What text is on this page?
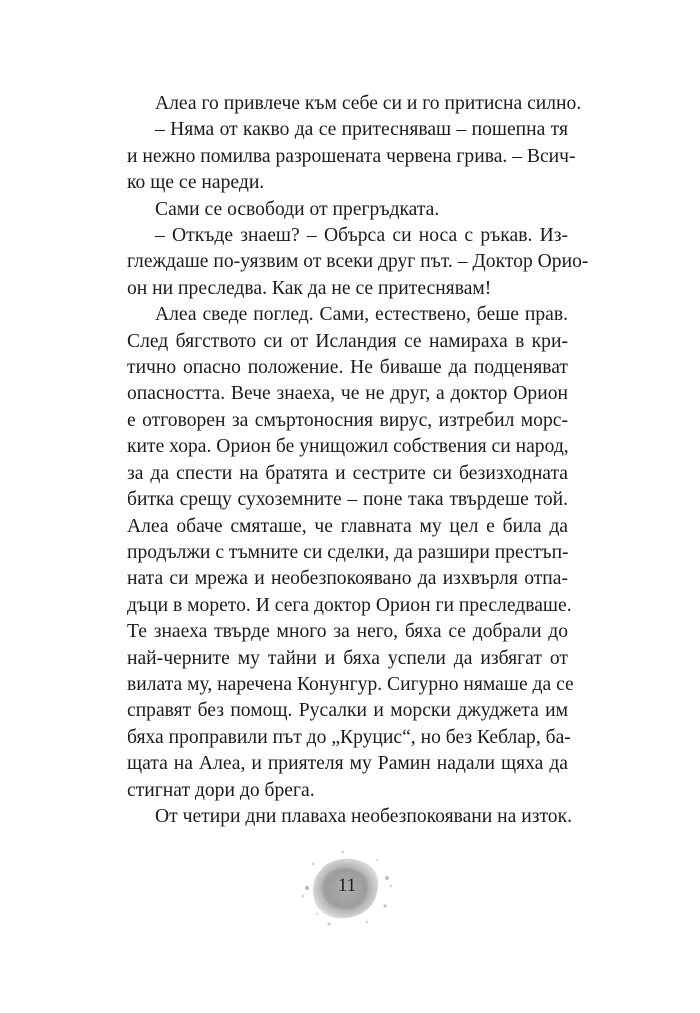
Алеа го привлече към себе си и го притисна силно.

– Няма от какво да се притесняваш – пошепна тя
и нежно помилва разрошената червена грива. – Всич-
ко ще се нареди.

Сами се освободи от прегръдката.

– Откъде знаеш? – Обърса си носа с ръкав. Из-
глеждаше по-уязвим от всеки друг път. – Доктор Орио-
он ни преследва. Как да не се притеснявам!

Алеа сведе поглед. Сами, естествено, беше прав.
След бягството си от Исландия се намираха в кри-
тично опасно положение. Не биваше да подценяват
опасността. Вече знаеха, че не друг, а доктор Орион
е отговорен за смъртоносния вирус, изтребил морс-
ките хора. Орион бе унищожил собствения си народ,
за да спести на братята и сестрите си безизходната
битка срещу сухоземните – поне така твърдеше той.
Алеа обаче смяташе, че главната му цел е била да
продължи с тъмните си сделки, да разшири престъп-
ната си мрежа и необезпокоявано да изхвърля отпа-
дъци в морето. И сега доктор Орион ги преследваше.
Те знаеха твърде много за него, бяха се добрали до
най-черните му тайни и бяха успели да избягат от
вилата му, наречена Конунгур. Сигурно нямаше да се
справят без помощ. Русалки и морски джуджета им
бяха проправили път до „Круцис“, но без Кеблар, ба-
щата на Алеа, и приятеля му Рамин надали щяха да
стигнат дори до брега.

От четири дни плаваха необезпокоявани на изток.

11
